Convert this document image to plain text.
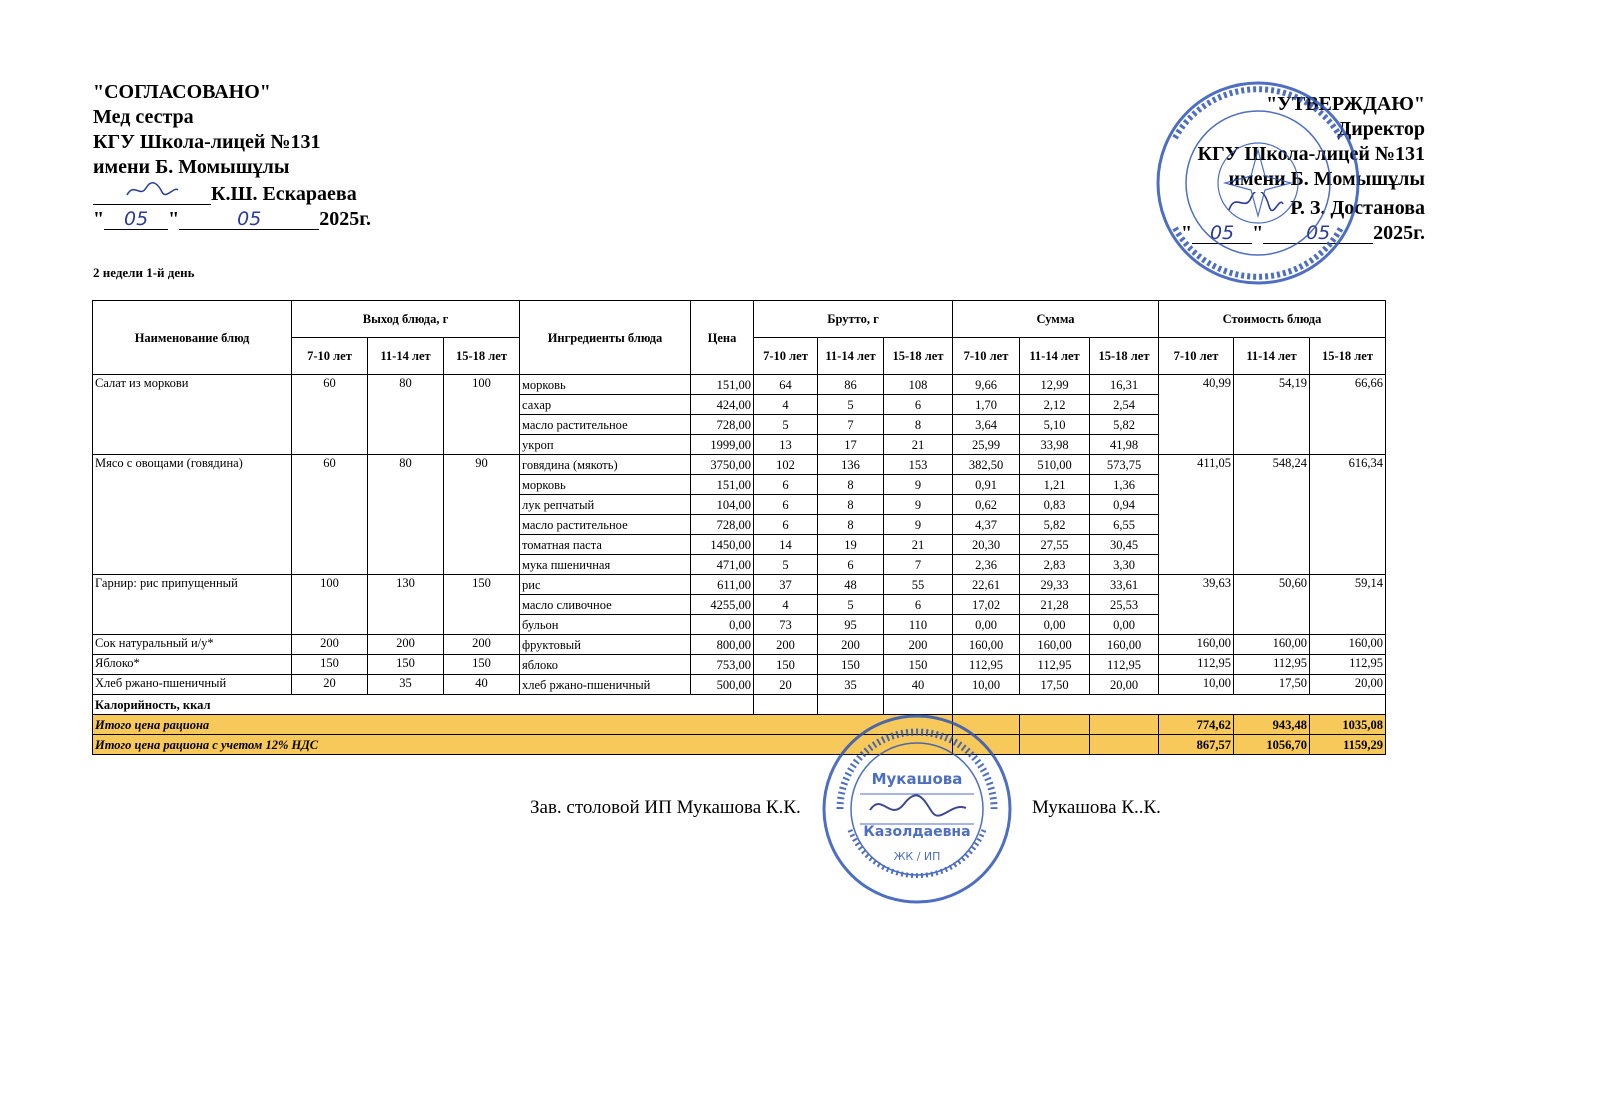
"СОГЛАСОВАНО"
Мед сестра
КГУ Школа-лицей №131
имени Б. Момышұлы
К.Ш. Ескараева
" 05 "	05	2025г.
"УТВЕРЖДАЮ"
Директор
КГУ Школа-лицей №131
имени Б. Момышұлы
Р. З. Достанова
" 05 " 05 2025г.
2 недели 1-й день
Наименование блюд	Выход блюда, г			Ингредиенты блюда	Цена	Брутто, г			Сумма			Стоимость блюда		
	7-10 лет	11-14 лет	15-18 лет			7-10 лет	11-14 лет	15-18 лет	7-10 лет	11-14 лет	15-18 лет	7-10 лет	11-14 лет	15-18 лет
Салат из моркови	60	80	100	морковь	151,00	64	86	108	9,66	12,99	16,31	40,99	54,19	66,66
				сахар	424,00	4	5	6	1,70	2,12	2,54			
				масло растительное	728,00	5	7	8	3,64	5,10	5,82			
				укроп	1999,00	13	17	21	25,99	33,98	41,98			
Мясо с овощами (говядина)	60	80	90	говядина (мякоть)	3750,00	102	136	153	382,50	510,00	573,75	411,05	548,24	616,34
				морковь	151,00	6	8	9	0,91	1,21	1,36			
				лук репчатый	104,00	6	8	9	0,62	0,83	0,94			
				масло растительное	728,00	6	8	9	4,37	5,82	6,55			
				томатная паста	1450,00	14	19	21	20,30	27,55	30,45			
				мука пшеничная	471,00	5	6	7	2,36	2,83	3,30			
Гарнир: рис припущенный	100	130	150	рис	611,00	37	48	55	22,61	29,33	33,61	39,63	50,60	59,14
				масло сливочное	4255,00	4	5	6	17,02	21,28	25,53			
				бульон	0,00	73	95	110	0,00	0,00	0,00			
Сок натуральный и/у*	200	200	200	фруктовый	800,00	200	200	200	160,00	160,00	160,00	160,00	160,00	160,00
Яблоко*	150	150	150	яблоко	753,00	150	150	150	112,95	112,95	112,95	112,95	112,95	112,95
Хлеб ржано-пшеничный	20	35	40	хлеб ржано-пшеничный	500,00	20	35	40	10,00	17,50	20,00	10,00	17,50	20,00
Калорийность, ккал														
Итого цена рациона												774,62	943,48	1035,08
Итого цена рациона с учетом 12% НДС												867,57	1056,70	1159,29
Зав. столовой ИП Мукашова К.К.	Мукашова К..К.
Мукашова
Казолдаевна
ЖК / ИП
